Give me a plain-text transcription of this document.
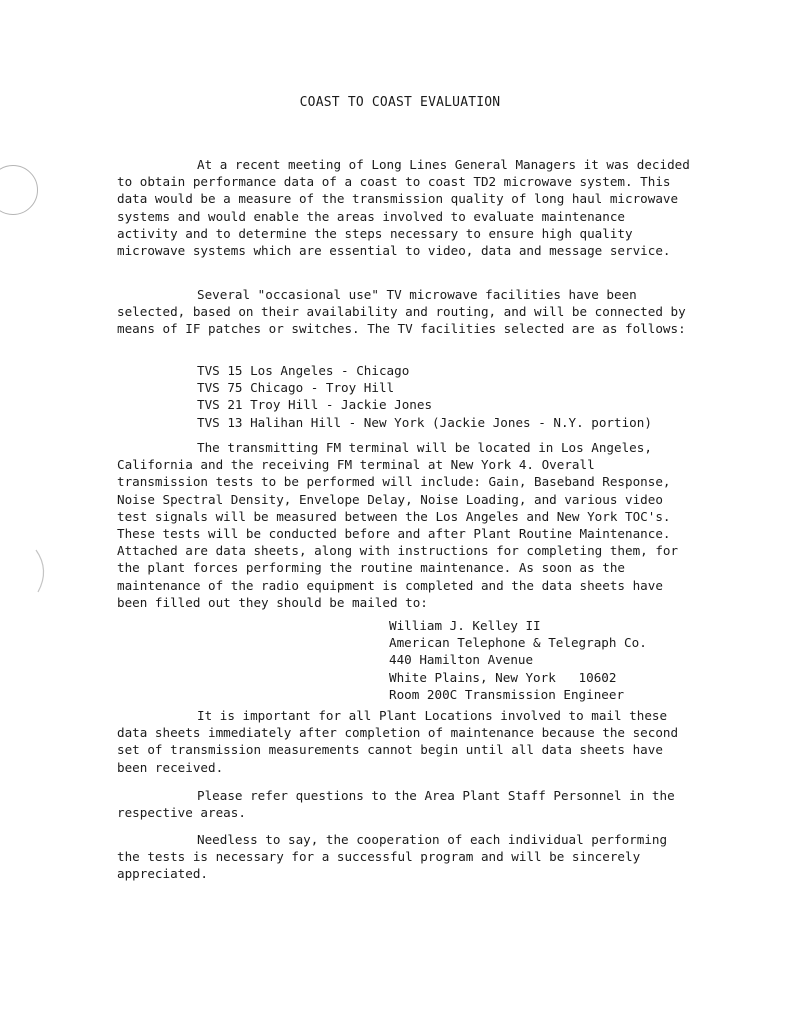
COAST TO COAST EVALUATION

At a recent meeting of Long Lines General Managers it was decided to obtain performance data of a coast to coast TD2 microwave system. This data would be a measure of the transmission quality of long haul microwave systems and would enable the areas involved to evaluate maintenance activity and to determine the steps necessary to ensure high quality microwave systems which are essential to video, data and message service.

Several "occasional use" TV microwave facilities have been selected, based on their availability and routing, and will be connected by means of IF patches or switches. The TV facilities selected are as follows:

TVS 15 Los Angeles - Chicago
TVS 75 Chicago - Troy Hill
TVS 21 Troy Hill - Jackie Jones
TVS 13 Halihan Hill - New York (Jackie Jones - N.Y. portion)

The transmitting FM terminal will be located in Los Angeles, California and the receiving FM terminal at New York 4. Overall transmission tests to be performed will include: Gain, Baseband Response, Noise Spectral Density, Envelope Delay, Noise Loading, and various video test signals will be measured between the Los Angeles and New York TOC's. These tests will be conducted before and after Plant Routine Maintenance. Attached are data sheets, along with instructions for completing them, for the plant forces performing the routine maintenance. As soon as the maintenance of the radio equipment is completed and the data sheets have been filled out they should be mailed to:

William J. Kelley II
American Telephone & Telegraph Co.
440 Hamilton Avenue
White Plains, New York   10602
Room 200C Transmission Engineer

It is important for all Plant Locations involved to mail these data sheets immediately after completion of maintenance because the second set of transmission measurements cannot begin until all data sheets have been received.

Please refer questions to the Area Plant Staff Personnel in the respective areas.

Needless to say, the cooperation of each individual performing the tests is necessary for a successful program and will be sincerely appreciated.
